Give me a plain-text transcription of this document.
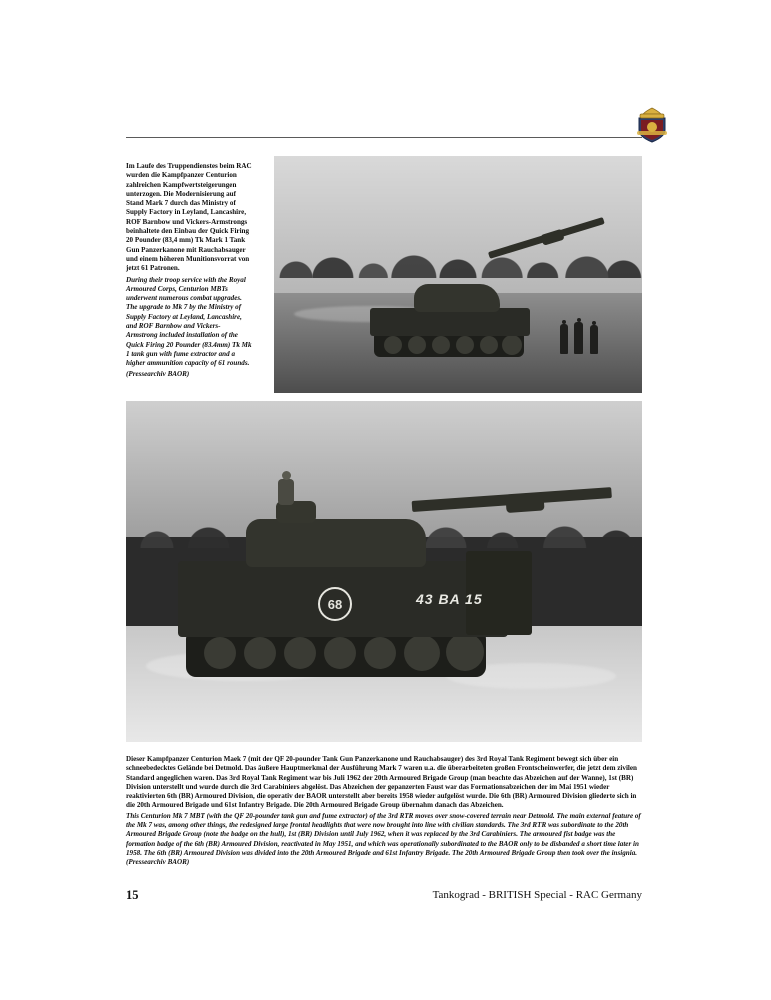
Im Laufe des Truppendienstes beim RAC wurden die Kampfpanzer Centurion zahlreichen Kampfwertsteigerungen unterzogen. Die Modernisierung auf Stand Mark 7 durch das Ministry of Supply Factory in Leyland, Lancashire, ROF Barnbow und Vickers-Armstrongs beinhaltete den Einbau der Quick Firing 20 Pounder (83,4 mm) Tk Mark 1 Tank Gun Panzerkanone mit Rauchabsauger und einem höheren Munitionsvorrat von jetzt 61 Patronen.
During their troop service with the Royal Armoured Corps, Centurion MBTs underwent numerous combat upgrades. The upgrade to Mk 7 by the Ministry of Supply Factory at Leyland, Lancashire, and ROF Barnbow and Vickers-Armstrong included installation of the Quick Firing 20 Pounder (83.4mm) Tk Mk 1 tank gun with fume extractor and a higher ammunition capacity of 61 rounds.
(Pressearchiv BAOR)
68	43 BA 15
Dieser Kampfpanzer Centurion Maek 7 (mit der QF 20-pounder Tank Gun Panzerkanone und Rauchabsauger) des 3rd Royal Tank Regiment bewegt sich über ein schneebedecktes Gelände bei Detmold. Das äußere Hauptmerkmal der Ausführung Mark 7 waren u.a. die überarbeiteten großen Frontscheinwerfer, die jetzt dem zivilen Standard angeglichen waren. Das 3rd Royal Tank Regiment war bis Juli 1962 der 20th Armoured Brigade Group (man beachte das Abzeichen auf der Wanne), 1st (BR) Division unterstellt und wurde durch die 3rd Carabiniers abgelöst. Das Abzeichen der gepanzerten Faust war das Formationsabzeichen der im Mai 1951 wieder reaktivierten 6th (BR) Armoured Division, die operativ der BAOR unterstellt aber bereits 1958 wieder aufgelöst wurde. Die 6th (BR) Armoured Division gliederte sich in die 20th Armoured Brigade und 61st Infantry Brigade. Die 20th Armoured Brigade Group übernahm danach das Abzeichen.
This Centurion Mk 7 MBT (with the QF 20-pounder tank gun and fume extractor) of the 3rd RTR moves over snow-covered terrain near Detmold. The main external feature of the Mk 7 was, among other things, the redesigned large frontal headlights that were now brought into line with civilian standards. The 3rd RTR was subordinate to the 20th Armoured Brigade Group (note the badge on the hull), 1st (BR) Division until July 1962, when it was replaced by the 3rd Carabiniers. The armoured fist badge was the formation badge of the 6th (BR) Armoured Division, reactivated in May 1951, and which was operationally subordinated to the BAOR only to be disbanded a short time later in 1958. The 6th (BR) Armoured Division was divided into the 20th Armoured Brigade and 61st Infantry Brigade. The 20th Armoured Brigade Group then took over the insignia.
(Pressearchiv BAOR)
15	Tankograd - BRITISH Special - RAC Germany
